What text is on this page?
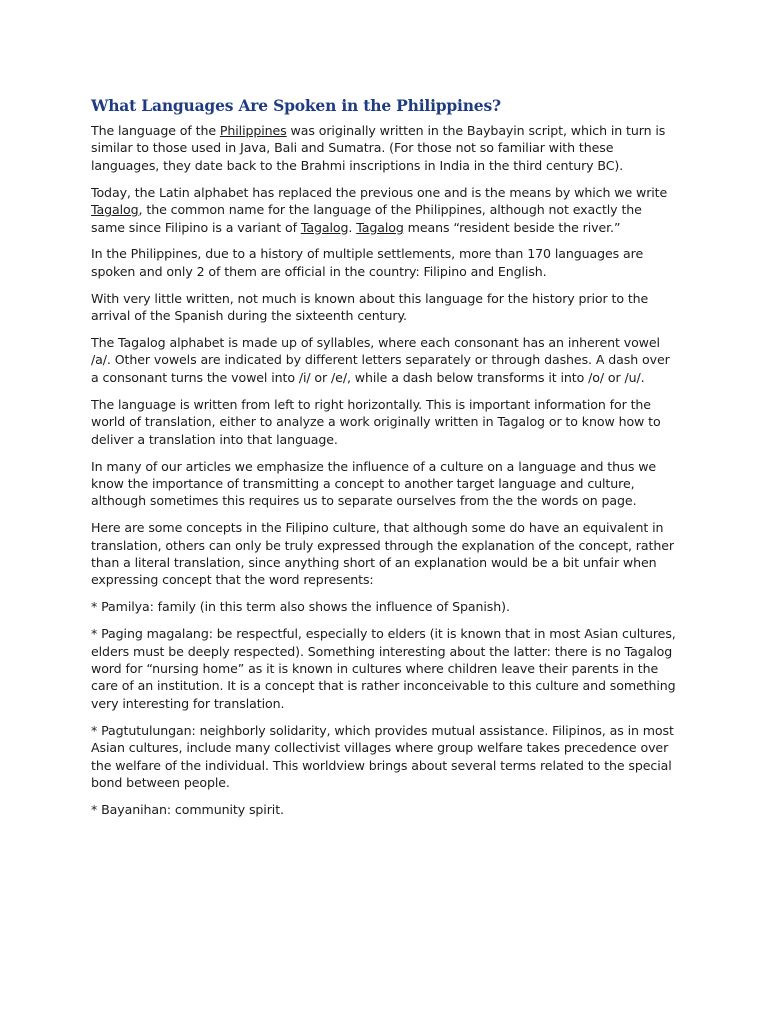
What Languages Are Spoken in the Philippines?

The language of the Philippines was originally written in the Baybayin script, which in turn is similar to those used in Java, Bali and Sumatra. (For those not so familiar with these languages, they date back to the Brahmi inscriptions in India in the third century BC).

Today, the Latin alphabet has replaced the previous one and is the means by which we write Tagalog, the common name for the language of the Philippines, although not exactly the same since Filipino is a variant of Tagalog. Tagalog means “resident beside the river.”

In the Philippines, due to a history of multiple settlements, more than 170 languages are spoken and only 2 of them are official in the country: Filipino and English.

With very little written, not much is known about this language for the history prior to the arrival of the Spanish during the sixteenth century.

The Tagalog alphabet is made up of syllables, where each consonant has an inherent vowel /a/. Other vowels are indicated by different letters separately or through dashes. A dash over a consonant turns the vowel into /i/ or /e/, while a dash below transforms it into /o/ or /u/.

The language is written from left to right horizontally. This is important information for the world of translation, either to analyze a work originally written in Tagalog or to know how to deliver a translation into that language.

In many of our articles we emphasize the influence of a culture on a language and thus we know the importance of transmitting a concept to another target language and culture, although sometimes this requires us to separate ourselves from the the words on page.

Here are some concepts in the Filipino culture, that although some do have an equivalent in translation, others can only be truly expressed through the explanation of the concept, rather than a literal translation, since anything short of an explanation would be a bit unfair when expressing concept that the word represents:

* Pamilya: family (in this term also shows the influence of Spanish).

* Paging magalang: be respectful, especially to elders (it is known that in most Asian cultures, elders must be deeply respected). Something interesting about the latter: there is no Tagalog word for “nursing home” as it is known in cultures where children leave their parents in the care of an institution. It is a concept that is rather inconceivable to this culture and something very interesting for translation.

* Pagtutulungan: neighborly solidarity, which provides mutual assistance. Filipinos, as in most Asian cultures, include many collectivist villages where group welfare takes precedence over the welfare of the individual. This worldview brings about several terms related to the special bond between people.

* Bayanihan: community spirit.
